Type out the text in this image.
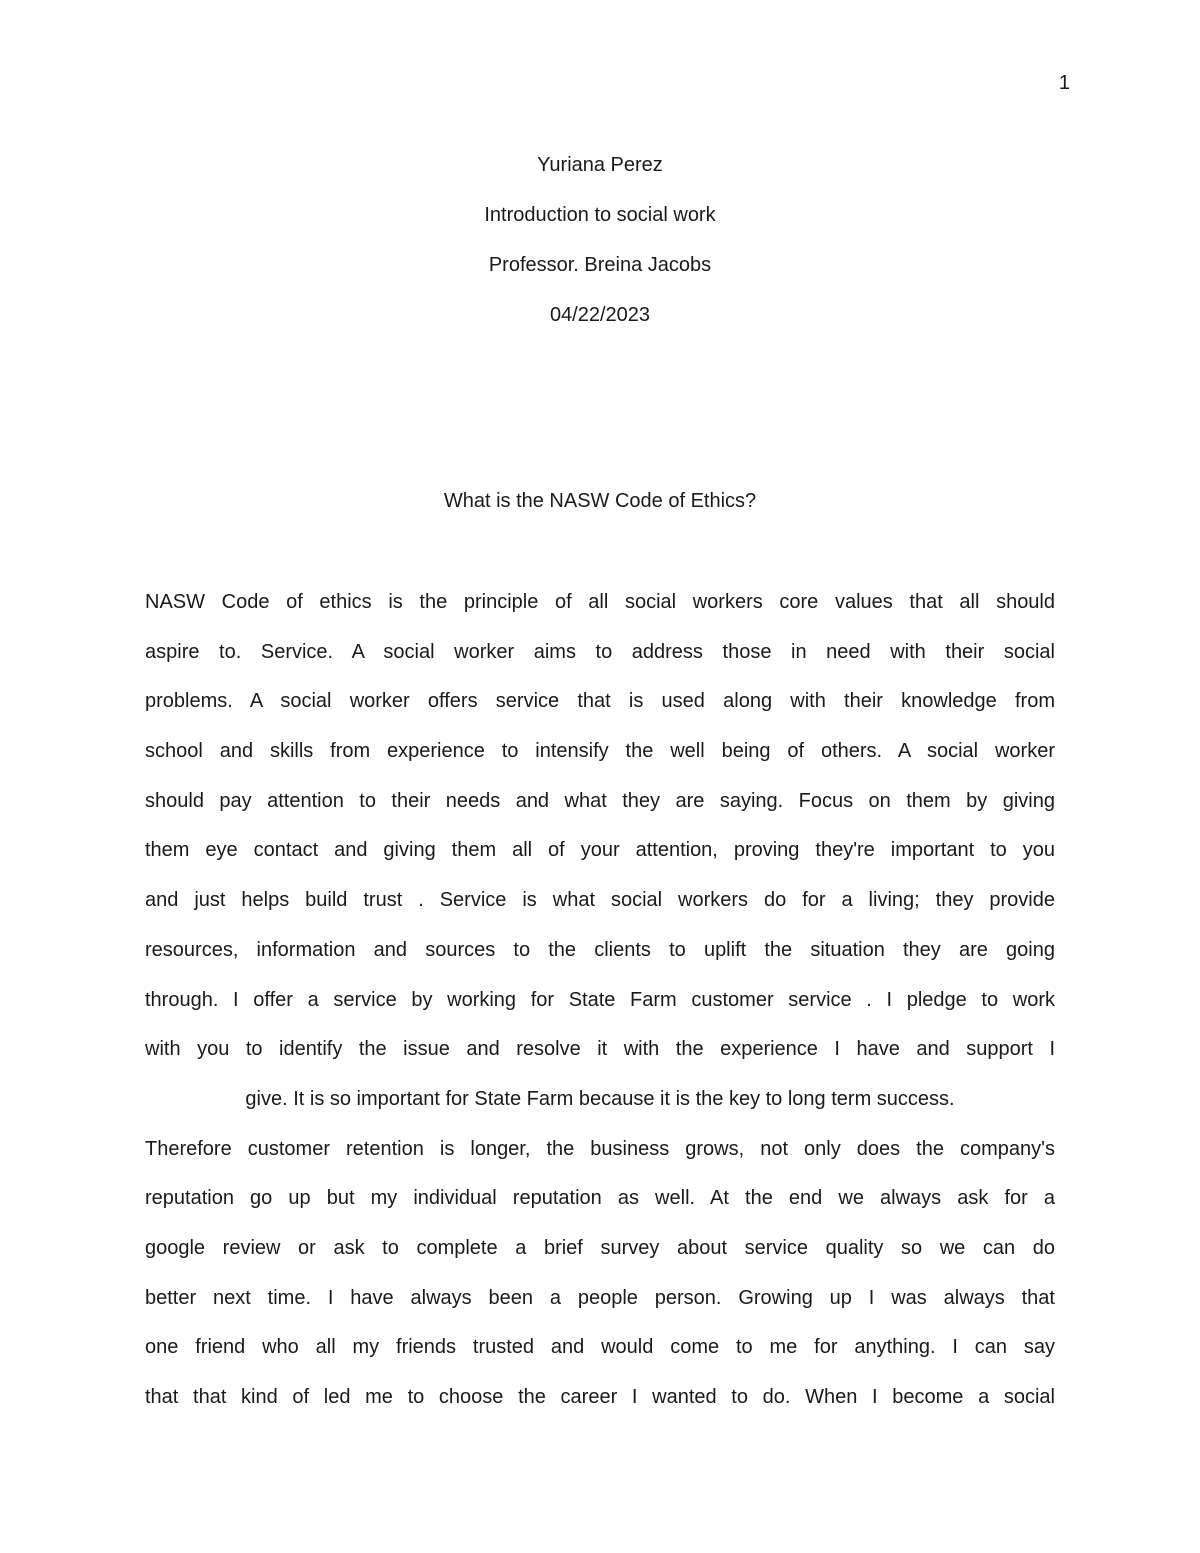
1
Yuriana Perez
Introduction to social work
Professor. Breina Jacobs
04/22/2023
What is the NASW Code of Ethics?
NASW Code of ethics is the principle of all social workers core values that all should
aspire to. Service. A social worker aims to address those in need with their social
problems. A social worker offers service that is used along with their knowledge from
school and skills from experience to intensify the well being of others. A social worker
should pay attention to their needs and what they are saying. Focus on them by giving
them eye contact and giving them all of your attention, proving they're important to you
and just helps build trust . Service is what social workers do for a living; they provide
resources, information and sources to the clients to uplift the situation they are going
through. I offer a service by working for State Farm customer service . I pledge to work
with you to identify the issue and resolve it with the experience I have and support I
give. It is so important for State Farm because it is the key to long term success.
Therefore customer retention is longer, the business grows, not only does the company's
reputation go up but my individual reputation as well. At the end we always ask for a
google review or ask to complete a brief survey about service quality so we can do
better next time. I have always been a people person. Growing up I was always that
one friend who all my friends trusted and would come to me for anything. I can say
that that kind of led me to choose the career I wanted to do. When I become a social
